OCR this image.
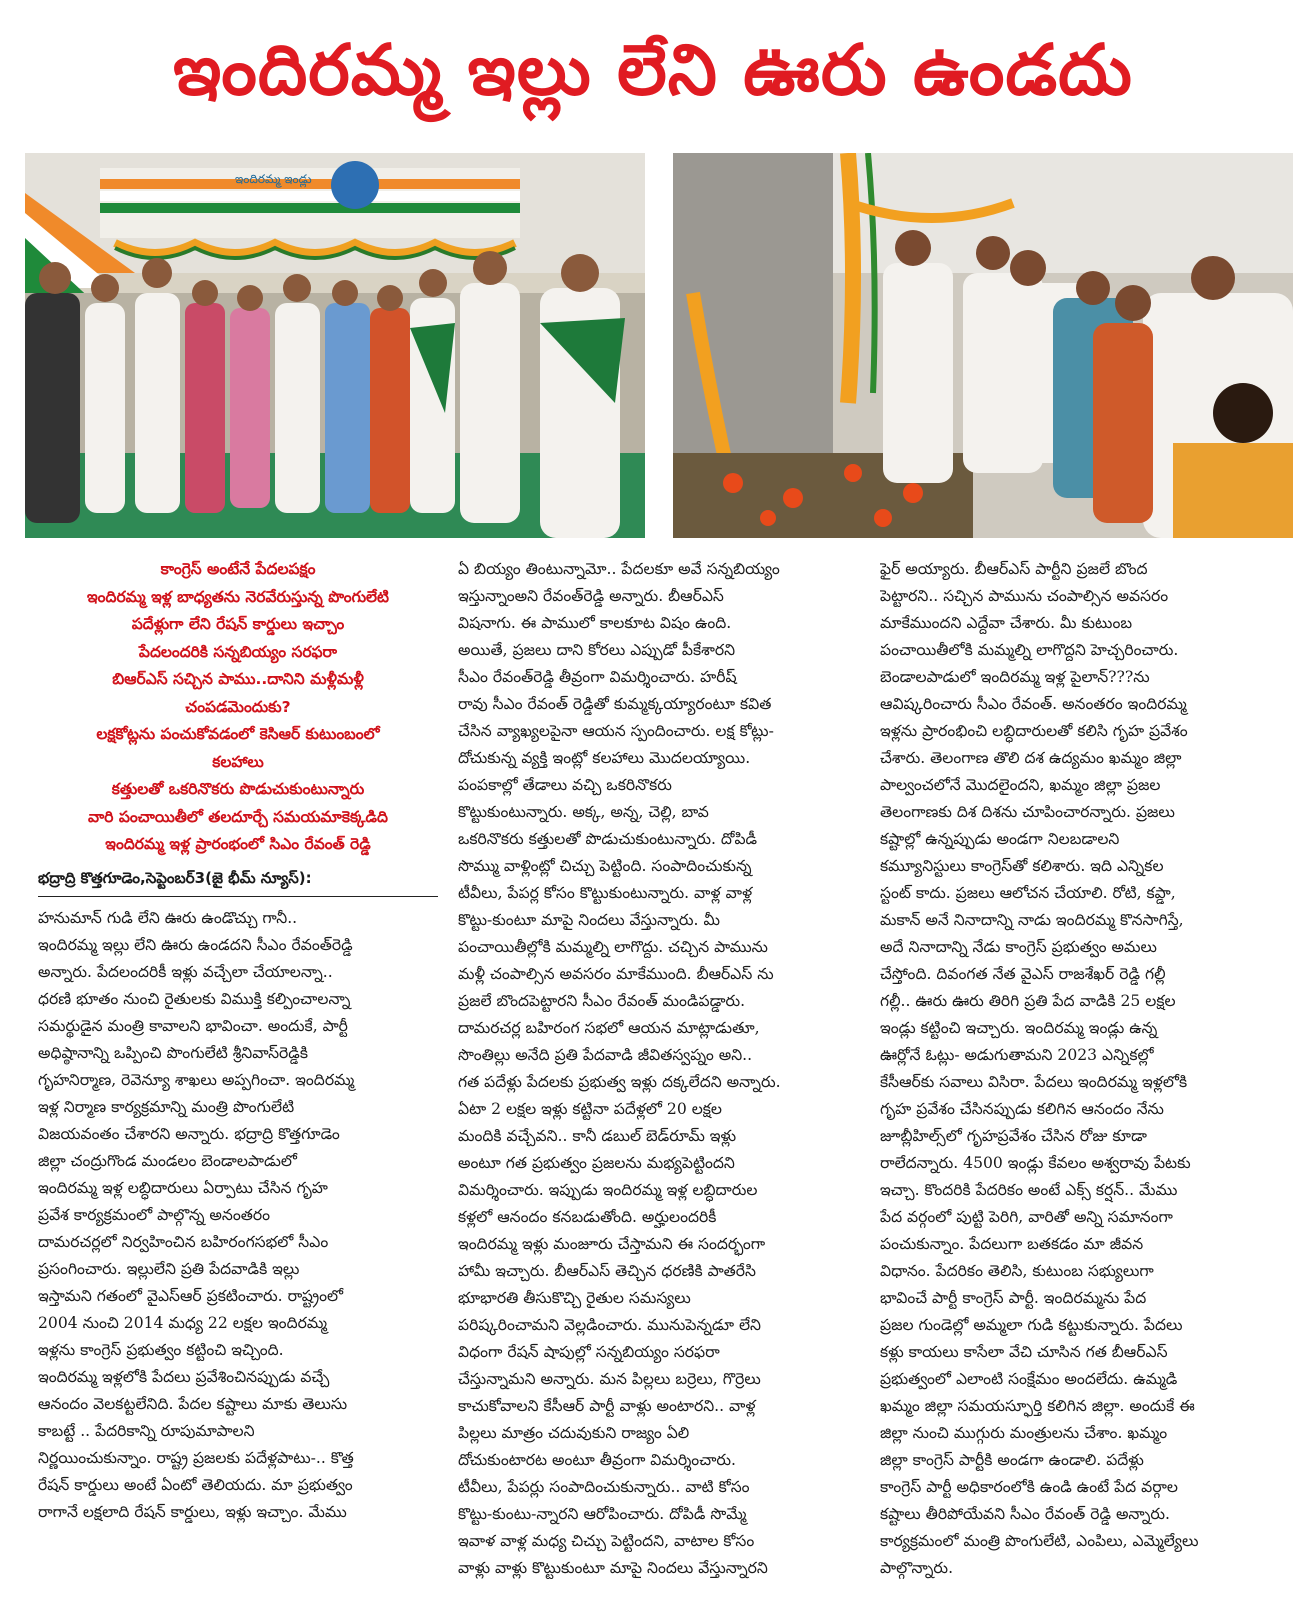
ఇందిరమ్మ ఇల్లు లేని ఊరు ఉండదు
ఇందిరమ్మ ఇండ్లు

కాంగ్రెస్ అంటేనే పేదలపక్షం

ఇందిరమ్మ ఇళ్ల బాధ్యతను నెరవేరుస్తున్న పొంగులేటి

పదేళ్లుగా లేని రేషన్ కార్డులు ఇచ్చాం

పేదలందరికి సన్నబియ్యం సరఫరా

బిఆర్ఎస్ సచ్చిన పాము..దానిని మళ్లీమళ్లీ

చంపడమెందుకు?

లక్షకోట్లను పంచుకోవడంలో కెసిఆర్ కుటుంబంలో

కలహాలు

కత్తులతో ఒకరినొకరు పొడుచుకుంటున్నారు

వారి పంచాయితీలో తలదూర్చే సమయమాకెక్కడిది

ఇందిరమ్మ ఇళ్ల ప్రారంభంలో సిఎం రేవంత్ రెడ్డి

భద్రాద్రి కొత్తగూడెం,సెప్టెంబర్3(జై భీమ్ న్యూస్):

హనుమాన్ గుడి లేని ఊరు ఉండొచ్చు గానీ..

ఇందిరమ్మ ఇల్లు లేని ఊరు ఉండదని సీఎం రేవంత్‌రెడ్డి

అన్నారు. పేదలందరికీ ఇళ్లు వచ్చేలా చేయాలన్నా..

ధరణి భూతం నుంచి రైతులకు విముక్తి కల్పించాలన్నా

సమర్థుడైన మంత్రి కావాలని భావించా. అందుకే, పార్టీ

అధిష్ఠానాన్ని ఒప్పించి పొంగులేటి శ్రీనివాస్‌రెడ్డికి

గృహనిర్మాణ, రెవెన్యూ శాఖలు అప్పగించా. ఇందిరమ్మ

ఇళ్ల నిర్మాణ కార్యక్రమాన్ని మంత్రి పొంగులేటి

విజయవంతం చేశారని అన్నారు. భద్రాద్రి కొత్తగూడెం

జిల్లా చంద్రుగొండ మండలం బెండాలపాడులో

ఇందిరమ్మ ఇళ్ల లబ్ధిదారులు ఏర్పాటు చేసిన గృహ

ప్రవేశ కార్యక్రమంలో పాల్గొన్న అనంతరం

దామరచర్లలో నిర్వహించిన బహిరంగసభలో సీఎం

ప్రసంగించారు. ఇల్లులేని ప్రతి పేదవాడికి ఇల్లు

ఇస్తామని గతంలో వైఎస్‌ఆర్ ప్రకటించారు. రాష్ట్రంలో

2004 నుంచి 2014 మధ్య 22 లక్షల ఇందిరమ్మ

ఇళ్లను కాంగ్రెస్ ప్రభుత్వం కట్టించి ఇచ్చింది.

ఇందిరమ్మ ఇళ్లలోకి పేదలు ప్రవేశించినప్పుడు వచ్చే

ఆనందం వెలకట్టలేనిది. పేదల కష్టాలు మాకు తెలుసు

కాబట్టే .. పేదరికాన్ని రూపుమాపాలని

నిర్ణయించుకున్నాం. రాష్ట్ర ప్రజలకు పదేళ్లపాటు-.. కొత్త

రేషన్ కార్డులు అంటే ఏంటో తెలియదు. మా ప్రభుత్వం

రాగానే లక్షలాది రేషన్ కార్డులు, ఇళ్లు ఇచ్చాం. మేము

ఏ బియ్యం తింటున్నామో.. పేదలకూ అవే సన్నబియ్యం

ఇస్తున్నాంఅని రేవంత్‌రెడ్డి అన్నారు. బీఆర్ఎస్

విషనాగు. ఈ పాములో కాలకూట విషం ఉంది.

అయితే, ప్రజలు దాని కోరలు ఎప్పుడో పీకేశారని

సీఎం రేవంత్‌రెడ్డి తీవ్రంగా విమర్శించారు. హరీష్

రావు సీఎం రేవంత్ రెడ్డితో కుమ్మక్కయ్యారంటూ కవిత

చేసిన వ్యాఖ్యలపైనా ఆయన స్పందించారు. లక్ష కోట్లు-

దోచుకున్న వ్యక్తి ఇంట్లో కలహాలు మొదలయ్యాయి.

పంపకాల్లో తేడాలు వచ్చి ఒకరినొకరు

కొట్టుకుంటున్నారు. అక్క, అన్న, చెల్లి, బావ

ఒకరినొకరు కత్తులతో పొడుచుకుంటున్నారు. దోపిడీ

సొమ్ము వాళ్లింట్లో చిచ్చు పెట్టింది. సంపాదించుకున్న

టీవీలు, పేపర్ల కోసం కొట్టుకుంటున్నారు. వాళ్ల వాళ్ల

కొట్టు-కుంటూ మాపై నిందలు వేస్తున్నారు. మీ

పంచాయితీల్లోకి మమ్మల్ని లాగొద్దు. చచ్చిన పామును

మళ్లీ చంపాల్సిన అవసరం మాకేముంది. బీఆర్ఎస్ ను

ప్రజలే బొందపెట్టారని సీఎం రేవంత్ మండిపడ్డారు.

దామరచర్ల బహిరంగ సభలో ఆయన మాట్లాడుతూ,

సొంతిల్లు అనేది ప్రతి పేదవాడి జీవితస్వప్నం అని..

గత పదేళ్లు పేదలకు ప్రభుత్వ ఇళ్లు దక్కలేదని అన్నారు.

ఏటా 2 లక్షల ఇళ్లు కట్టినా పదేళ్లలో 20 లక్షల

మందికి వచ్చేవని.. కానీ డబుల్ బెడ్‌రూమ్ ఇళ్లు

అంటూ గత ప్రభుత్వం ప్రజలను మభ్యపెట్టిందని

విమర్శించారు. ఇప్పుడు ఇందిరమ్మ ఇళ్ల లబ్ధిదారుల

కళ్లలో ఆనందం కనబడుతోంది. అర్హులందరికీ

ఇందిరమ్మ ఇళ్లు మంజూరు చేస్తామని ఈ సందర్భంగా

హామీ ఇచ్చారు. బీఆర్ఎస్ తెచ్చిన ధరణికి పాతరేసి

భూభారతి తీసుకొచ్చి రైతుల సమస్యలు

పరిష్కరించామని వెల్లడించారు. మునుపెన్నడూ లేని

విధంగా రేషన్ షాపుల్లో సన్నబియ్యం సరఫరా

చేస్తున్నామని అన్నారు. మన పిల్లలు బర్రెలు, గొర్రెలు

కాచుకోవాలని కేసీఆర్ పార్టీ వాళ్లు అంటారని.. వాళ్ల

పిల్లలు మాత్రం చదువుకుని రాజ్యం ఏలి

దోచుకుంటారట అంటూ తీవ్రంగా విమర్శించారు.

టీవీలు, పేపర్లు సంపాదించుకున్నారు.. వాటి కోసం

కొట్టు-కుంటు-న్నారని ఆరోపించారు. దోపిడీ సొమ్మే

ఇవాళ వాళ్ల మధ్య చిచ్చు పెట్టిందని, వాటాల కోసం

వాళ్లు వాళ్లు కొట్టుకుంటూ మాపై నిందలు వేస్తున్నారని

ఫైర్ అయ్యారు. బీఆర్ఎస్ పార్టీని ప్రజలే బొంద

పెట్టారని.. సచ్చిన పామును చంపాల్సిన అవసరం

మాకేముందని ఎద్దేవా చేశారు. మీ కుటుంబ

పంచాయితీలోకి మమ్మల్ని లాగొద్దని హెచ్చరించారు.

బెండాలపాడులో ఇందిరమ్మ ఇళ్ల పైలాన్???ను

ఆవిష్కరించారు సీఎం రేవంత్. అనంతరం ఇందిరమ్మ

ఇళ్లను ప్రారంభించి లబ్ధిదారులతో కలిసి గృహ ప్రవేశం

చేశారు. తెలంగాణ తొలి దశ ఉద్యమం ఖమ్మం జిల్లా

పాల్వంచలోనే మొదలైందని, ఖమ్మం జిల్లా ప్రజల

తెలంగాణకు దిశ దిశను చూపించారన్నారు. ప్రజలు

కష్టాల్లో ఉన్నప్పుడు అండగా నిలబడాలని

కమ్యూనిస్టులు కాంగ్రెస్‌తో కలిశారు. ఇది ఎన్నికల

స్టంట్ కాదు. ప్రజలు ఆలోచన చేయాలి. రోటి, కప్డా,

మకాన్ అనే నినాదాన్ని నాడు ఇందిరమ్మ కొనసాగిస్తే,

అదే నినాదాన్ని నేడు కాంగ్రెస్ ప్రభుత్వం అమలు

చేస్తోంది. దివంగత నేత వైఎస్ రాజశేఖర్ రెడ్డి గల్లీ

గల్లీ.. ఊరు ఊరు తిరిగి ప్రతి పేద వాడికి 25 లక్షల

ఇండ్లు కట్టించి ఇచ్చారు. ఇందిరమ్మ ఇండ్లు ఉన్న

ఊర్లోనే ఓట్లు- అడుగుతామని 2023 ఎన్నికల్లో

కేసీఆర్‌కు సవాలు విసిరా. పేదలు ఇందిరమ్మ ఇళ్లలోకి

గృహ ప్రవేశం చేసినప్పుడు కలిగిన ఆనందం నేను

జూబ్లీహిల్స్‌లో గృహప్రవేశం చేసిన రోజు కూడా

రాలేదన్నారు. 4500 ఇండ్లు కేవలం అశ్వరావు పేటకు

ఇచ్చా. కొందరికి పేదరికం అంటే ఎక్స్ కర్షన్.. మేము

పేద వర్గంలో పుట్టి పెరిగి, వారితో అన్ని సమానంగా

పంచుకున్నాం. పేదలుగా బతకడం మా జీవన

విధానం. పేదరికం తెలిసి, కుటుంబ సభ్యులుగా

భావించే పార్టీ కాంగ్రెస్ పార్టీ. ఇందిరమ్మను పేద

ప్రజల గుండెల్లో అమ్మలా గుడి కట్టుకున్నారు. పేదలు

కళ్లు కాయలు కాసేలా వేచి చూసిన గత బీఆర్ఎస్

ప్రభుత్వంలో ఎలాంటి సంక్షేమం అందలేదు. ఉమ్మడి

ఖమ్మం జిల్లా సమయస్ఫూర్తి కలిగిన జిల్లా. అందుకే ఈ

జిల్లా నుంచి ముగ్గురు మంత్రులను చేశాం. ఖమ్మం

జిల్లా కాంగ్రెస్ పార్టీకి అండగా ఉండాలి. పదేళ్లు

కాంగ్రెస్ పార్టీ అధికారంలోకి ఉండి ఉంటే పేద వర్గాల

కష్టాలు తీరిపోయేవని సీఎం రేవంత్ రెడ్డి అన్నారు.

కార్యక్రమంలో మంత్రి పొంగులేటి, ఎంపిలు, ఎమ్మెల్యేలు

పాల్గొన్నారు.
